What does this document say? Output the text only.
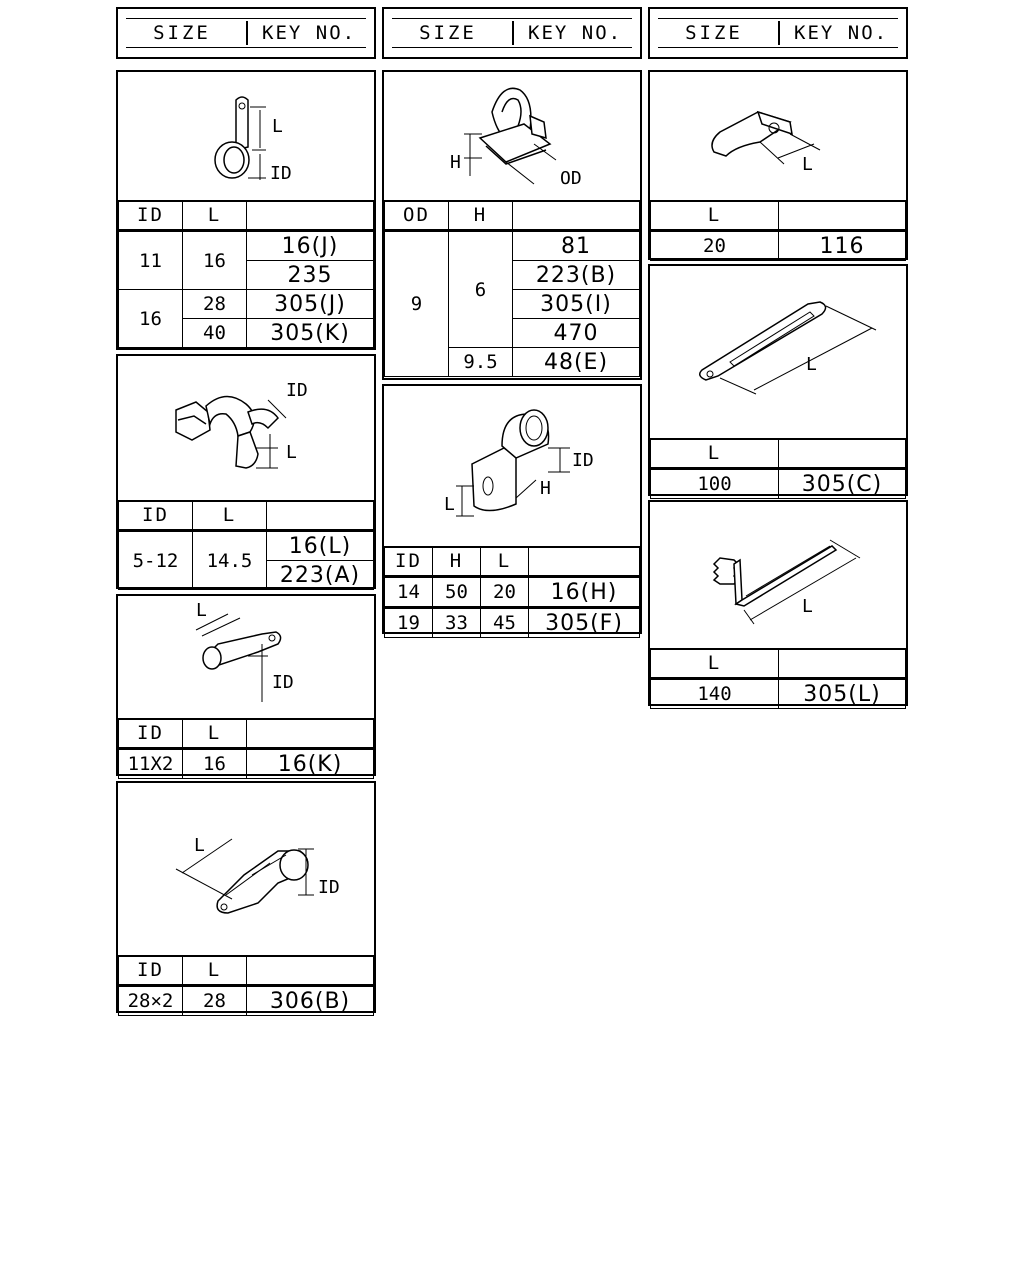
SIZE	KEY NO.	SIZE	KEY NO.	SIZE	KEY NO.
L
ID
ID	L	
11	16	16(J)
		235
16	28	305(J)
	40	305(K)
ID
L
ID	L	
5-12	14.5	16(L)
		223(A)
L
ID
ID	L	
11X2	16	16(K)
L
ID
ID	L	
28×2	28	306(B)
H
OD
OD	H	
9	6	81
		223(B)
		305(I)
		470
	9.5	48(E)
ID
L
H
ID	H	L	
14	50	20	16(H)
19	33	45	305(F)
L
L	
20	116
L
L	
100	305(C)
L
L	
140	305(L)
